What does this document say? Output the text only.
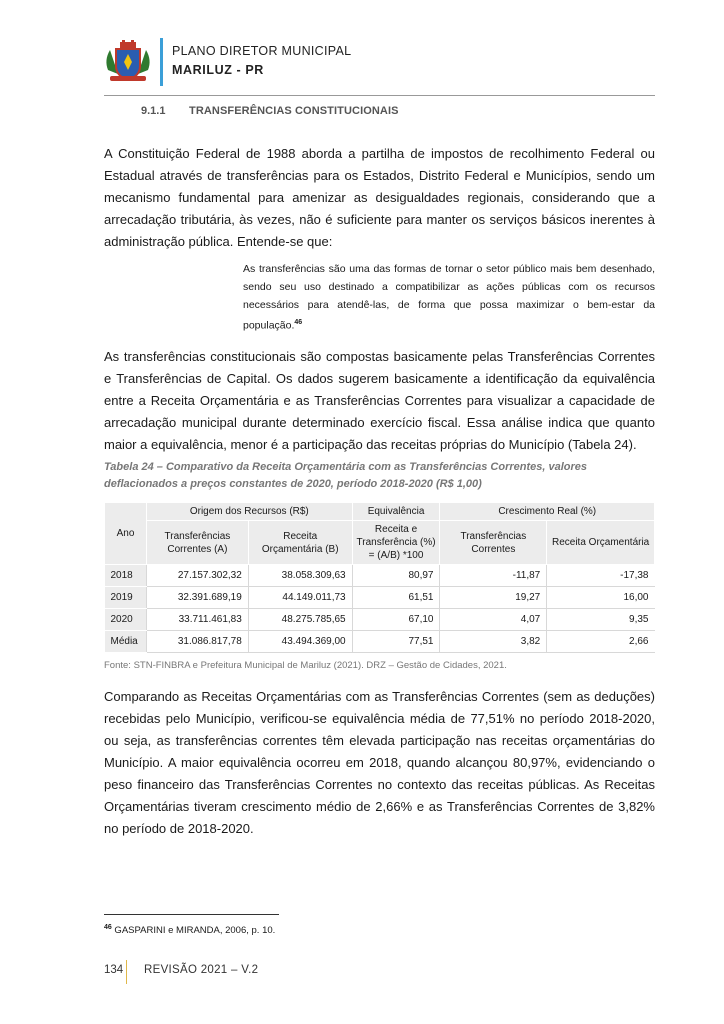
PLANO DIRETOR MUNICIPAL
MARILUZ - PR
9.1.1 TRANSFERÊNCIAS CONSTITUCIONAIS
A Constituição Federal de 1988 aborda a partilha de impostos de recolhimento Federal ou Estadual através de transferências para os Estados, Distrito Federal e Municípios, sendo um mecanismo fundamental para amenizar as desigualdades regionais, considerando que a arrecadação tributária, às vezes, não é suficiente para manter os serviços básicos inerentes à administração pública. Entende-se que:
As transferências são uma das formas de tornar o setor público mais bem desenhado, sendo seu uso destinado a compatibilizar as ações públicas com os recursos necessários para atendê-las, de forma que possa maximizar o bem-estar da população.$^{46}$
As transferências constitucionais são compostas basicamente pelas Transferências Correntes e Transferências de Capital. Os dados sugerem basicamente a identificação da equivalência entre a Receita Orçamentária e as Transferências Correntes para visualizar a capacidade de arrecadação municipal durante determinado exercício fiscal. Essa análise indica que quanto maior a equivalência, menor é a participação das receitas próprias do Município (Tabela 24).
Tabela 24 – Comparativo da Receita Orçamentária com as Transferências Correntes, valores deflacionados a preços constantes de 2020, período 2018-2020 (R$ 1,00)
Ano	Origem dos Recursos (R$)		Equivalência	Crescimento Real (%)	
	Transferências Correntes (A)	Receita Orçamentária (B)	Receita e Transferência (%) = (A/B) *100	Transferências Correntes	Receita Orçamentária
2018	27.157.302,32	38.058.309,63	80,97	-11,87	-17,38
2019	32.391.689,19	44.149.011,73	61,51	19,27	16,00
2020	33.711.461,83	48.275.785,65	67,10	4,07	9,35
Média	31.086.817,78	43.494.369,00	77,51	3,82	2,66
Fonte: STN-FINBRA e Prefeitura Municipal de Mariluz (2021). DRZ – Gestão de Cidades, 2021.
Comparando as Receitas Orçamentárias com as Transferências Correntes (sem as deduções) recebidas pelo Município, verificou-se equivalência média de 77,51% no período 2018-2020, ou seja, as transferências correntes têm elevada participação nas receitas orçamentárias do Município. A maior equivalência ocorreu em 2018, quando alcançou 80,97%, evidenciando o peso financeiro das Transferências Correntes no contexto das receitas públicas. As Receitas Orçamentárias tiveram crescimento médio de 2,66% e as Transferências Correntes de 3,82% no período de 2018-2020.
$^{46}$ GASPARINI e MIRANDA, 2006, p. 10.
134 REVISÃO 2021 – V.2
